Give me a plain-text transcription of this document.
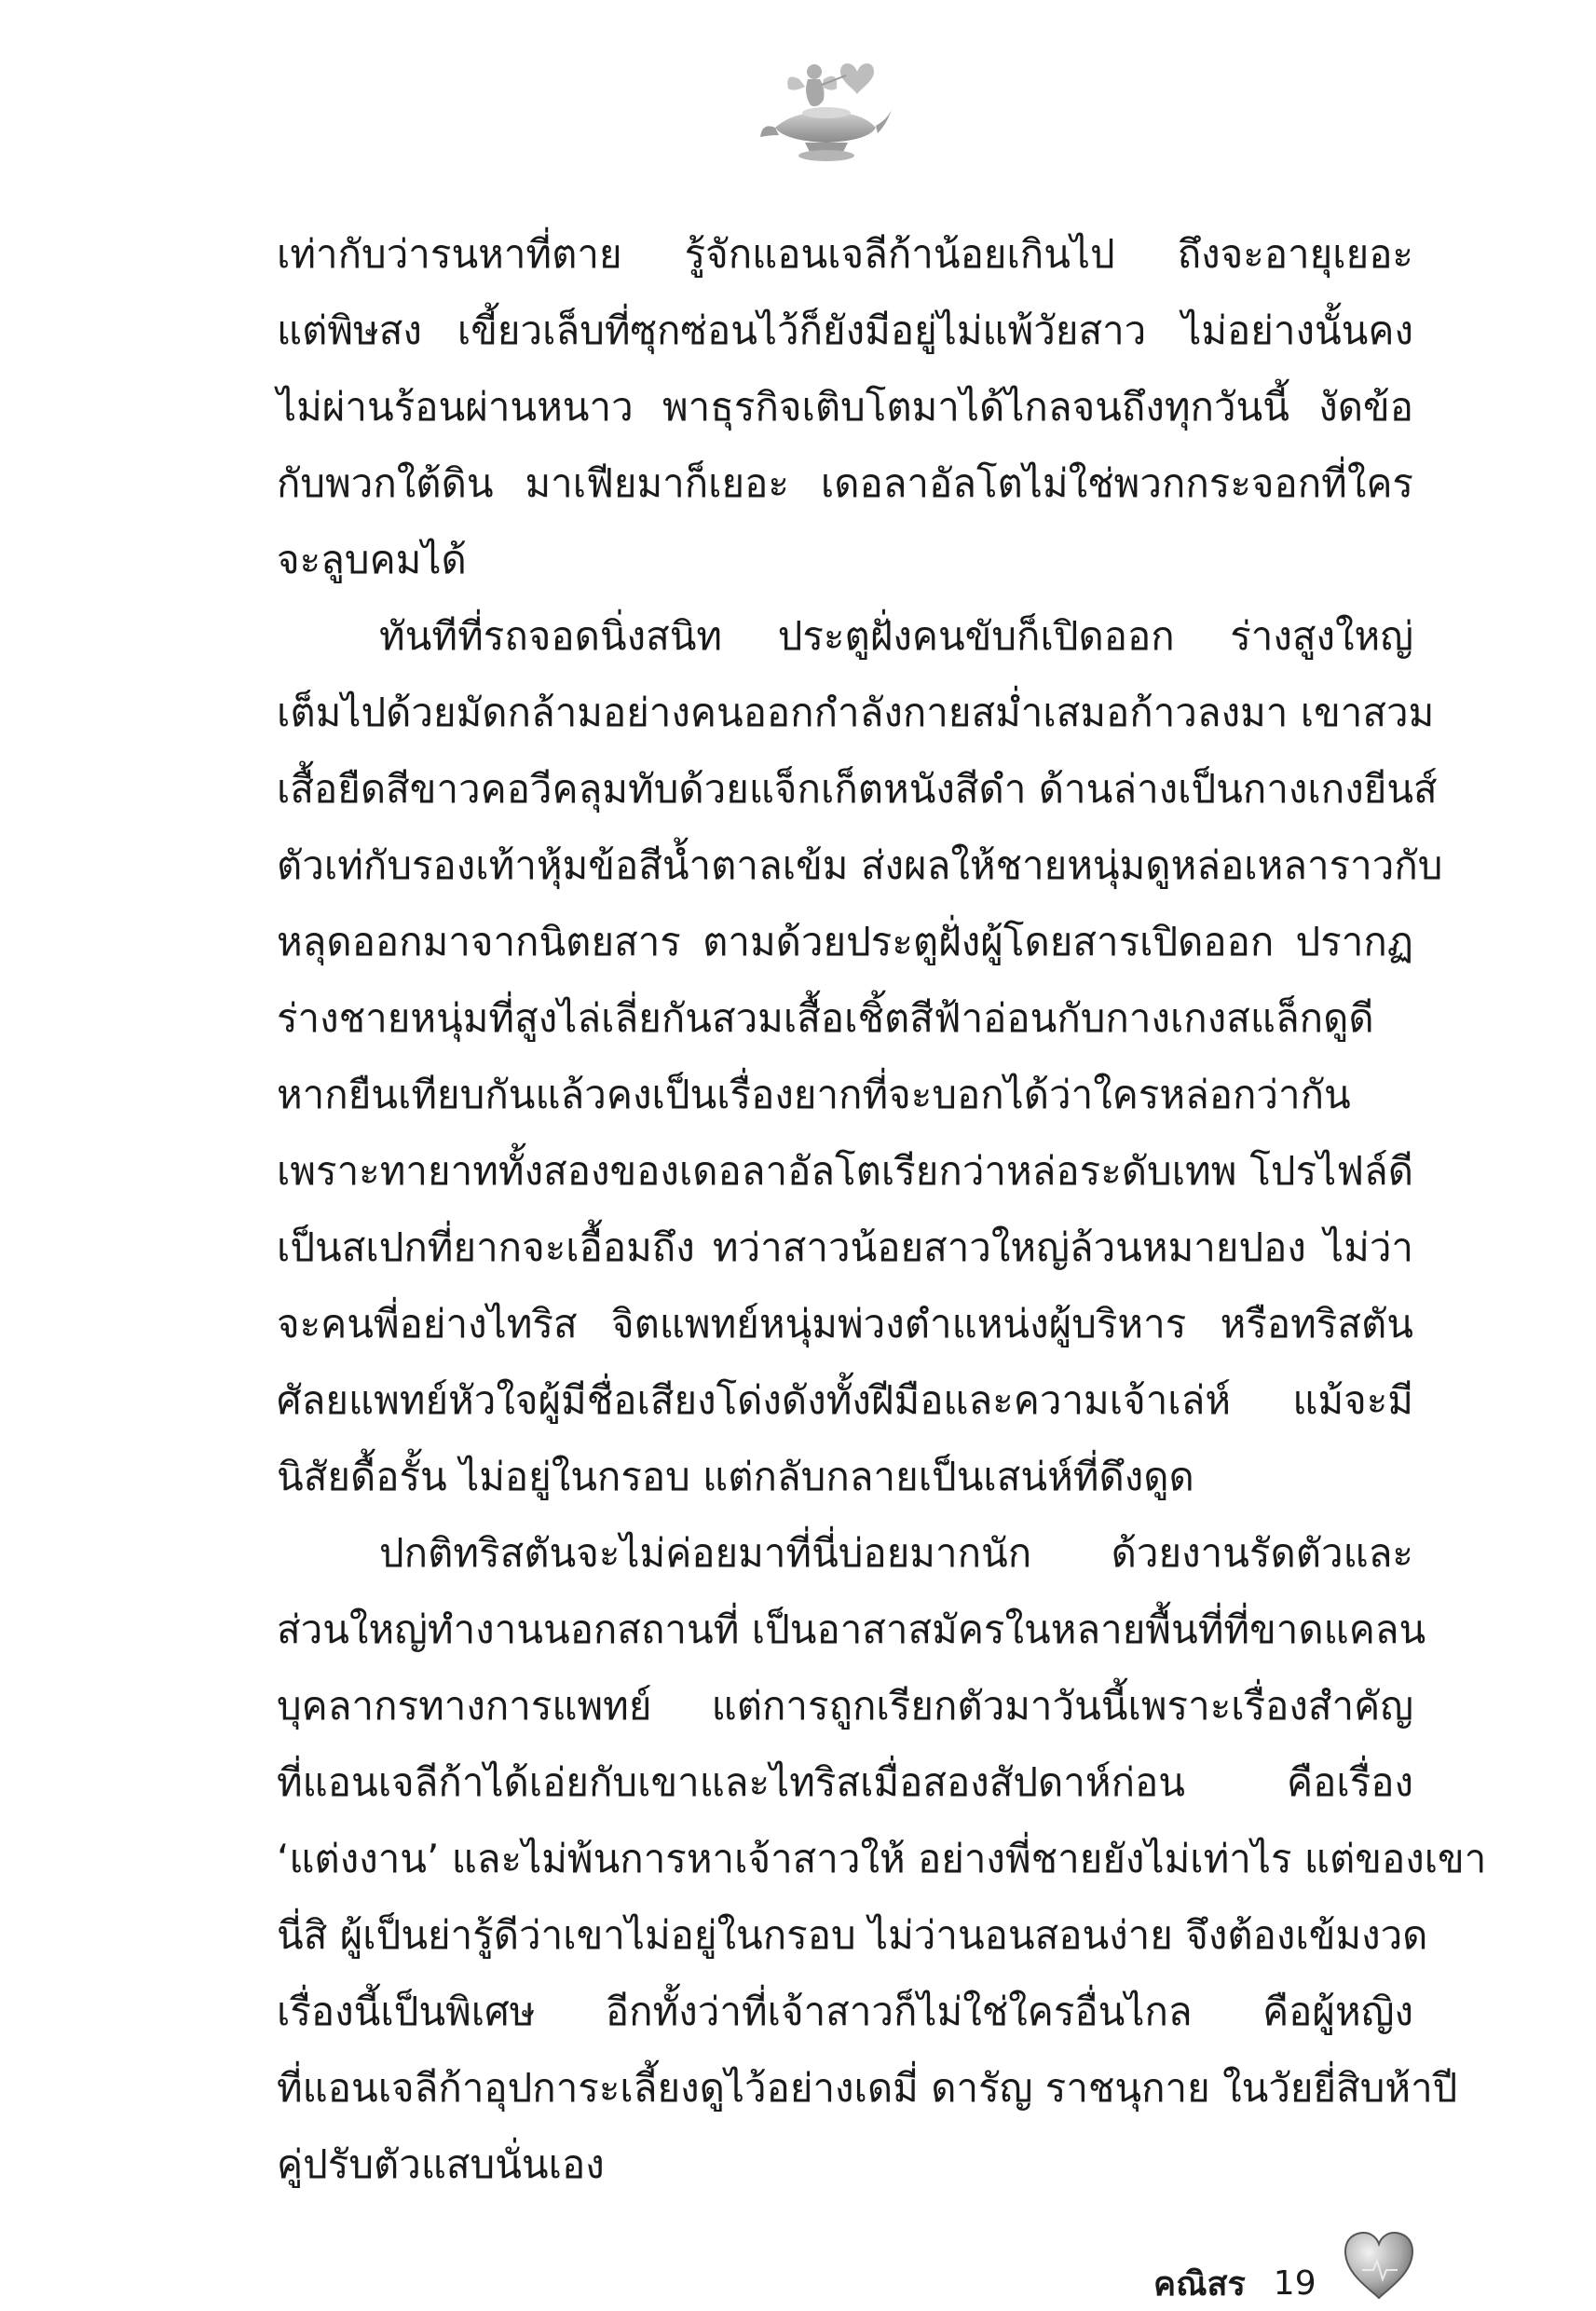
เท่ากับว่ารนหาที่ตาย รู้จักแอนเจลีก้าน้อยเกินไป ถึงจะอายุเยอะ
แต่พิษสง เขี้ยวเล็บที่ซุกซ่อนไว้ก็ยังมีอยู่ไม่แพ้วัยสาว ไม่อย่างนั้นคง
ไม่ผ่านร้อนผ่านหนาว พาธุรกิจเติบโตมาได้ไกลจนถึงทุกวันนี้ งัดข้อ
กับพวกใต้ดิน มาเฟียมาก็เยอะ เดอลาอัลโตไม่ใช่พวกกระจอกที่ใคร
จะลูบคมได้
ทันทีที่รถจอดนิ่งสนิท ประตูฝั่งคนขับก็เปิดออก ร่างสูงใหญ่
เต็มไปด้วยมัดกล้ามอย่างคนออกกำลังกายสม่ำเสมอก้าวลงมา เขาสวม
เสื้อยืดสีขาวคอวีคลุมทับด้วยแจ็กเก็ตหนังสีดำ ด้านล่างเป็นกางเกงยีนส์
ตัวเท่กับรองเท้าหุ้มข้อสีน้ำตาลเข้ม ส่งผลให้ชายหนุ่มดูหล่อเหลาราวกับ
หลุดออกมาจากนิตยสาร ตามด้วยประตูฝั่งผู้โดยสารเปิดออก ปรากฏ
ร่างชายหนุ่มที่สูงไล่เลี่ยกันสวมเสื้อเชิ้ตสีฟ้าอ่อนกับกางเกงสแล็กดูดี
หากยืนเทียบกันแล้วคงเป็นเรื่องยากที่จะบอกได้ว่าใครหล่อกว่ากัน
เพราะทายาททั้งสองของเดอลาอัลโตเรียกว่าหล่อระดับเทพ โปรไฟล์ดี
เป็นสเปกที่ยากจะเอื้อมถึง ทว่าสาวน้อยสาวใหญ่ล้วนหมายปอง ไม่ว่า
จะคนพี่อย่างไทริส จิตแพทย์หนุ่มพ่วงตำแหน่งผู้บริหาร หรือทริสตัน
ศัลยแพทย์หัวใจผู้มีชื่อเสียงโด่งดังทั้งฝีมือและความเจ้าเล่ห์ แม้จะมี
นิสัยดื้อรั้น ไม่อยู่ในกรอบ แต่กลับกลายเป็นเสน่ห์ที่ดึงดูด
ปกติทริสตันจะไม่ค่อยมาที่นี่บ่อยมากนัก ด้วยงานรัดตัวและ
ส่วนใหญ่ทำงานนอกสถานที่ เป็นอาสาสมัครในหลายพื้นที่ที่ขาดแคลน
บุคลากรทางการแพทย์ แต่การถูกเรียกตัวมาวันนี้เพราะเรื่องสำคัญ
ที่แอนเจลีก้าได้เอ่ยกับเขาและไทริสเมื่อสองสัปดาห์ก่อน คือเรื่อง
‘แต่งงาน’ และไม่พ้นการหาเจ้าสาวให้ อย่างพี่ชายยังไม่เท่าไร แต่ของเขา
นี่สิ ผู้เป็นย่ารู้ดีว่าเขาไม่อยู่ในกรอบ ไม่ว่านอนสอนง่าย จึงต้องเข้มงวด
เรื่องนี้เป็นพิเศษ อีกทั้งว่าที่เจ้าสาวก็ไม่ใช่ใครอื่นไกล คือผู้หญิง
ที่แอนเจลีก้าอุปการะเลี้ยงดูไว้อย่างเดมี่ ดารัญ ราชนุกาย ในวัยยี่สิบห้าปี
คู่ปรับตัวแสบนั่นเอง
คณิสร 19
